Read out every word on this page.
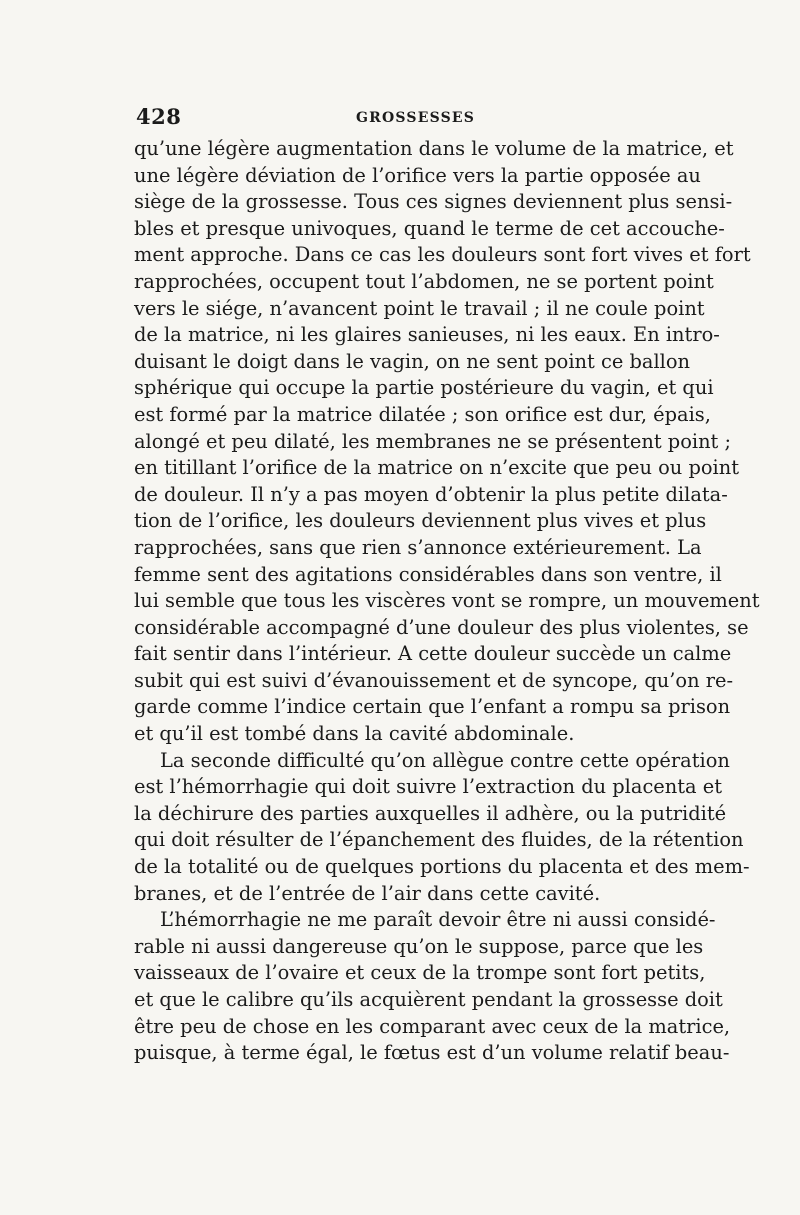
428	GROSSESSES
qu’une légère augmentation dans le volume de la matrice, et
une légère déviation de l’orifice vers la partie opposée au
siège de la grossesse. Tous ces signes deviennent plus sensi-
bles et presque univoques, quand le terme de cet accouche-
ment approche. Dans ce cas les douleurs sont fort vives et fort
rapprochées, occupent tout l’abdomen, ne se portent point
vers le siége, n’avancent point le travail ; il ne coule point
de la matrice, ni les glaires sanieuses, ni les eaux. En intro-
duisant le doigt dans le vagin, on ne sent point ce ballon
sphérique qui occupe la partie postérieure du vagin, et qui
est formé par la matrice dilatée ; son orifice est dur, épais,
alongé et peu dilaté, les membranes ne se présentent point ;
en titillant l’orifice de la matrice on n’excite que peu ou point
de douleur. Il n’y a pas moyen d’obtenir la plus petite dilata-
tion de l’orifice, les douleurs deviennent plus vives et plus
rapprochées, sans que rien s’annonce extérieurement. La
femme sent des agitations considérables dans son ventre, il
lui semble que tous les viscères vont se rompre, un mouvement
considérable accompagné d’une douleur des plus violentes, se
fait sentir dans l’intérieur. A cette douleur succède un calme
subit qui est suivi d’évanouissement et de syncope, qu’on re-
garde comme l’indice certain que l’enfant a rompu sa prison
et qu’il est tombé dans la cavité abdominale.
La seconde difficulté qu’on allègue contre cette opération
est l’hémorrhagie qui doit suivre l’extraction du placenta et
la déchirure des parties auxquelles il adhère, ou la putridité
qui doit résulter de l’épanchement des fluides, de la rétention
de la totalité ou de quelques portions du placenta et des mem-
branes, et de l’entrée de l’air dans cette cavité.
L’hémorrhagie ne me paraît devoir être ni aussi considé-
rable ni aussi dangereuse qu’on le suppose, parce que les
vaisseaux de l’ovaire et ceux de la trompe sont fort petits,
et que le calibre qu’ils acquièrent pendant la grossesse doit
être peu de chose en les comparant avec ceux de la matrice,
puisque, à terme égal, le fœtus est d’un volume relatif beau-
